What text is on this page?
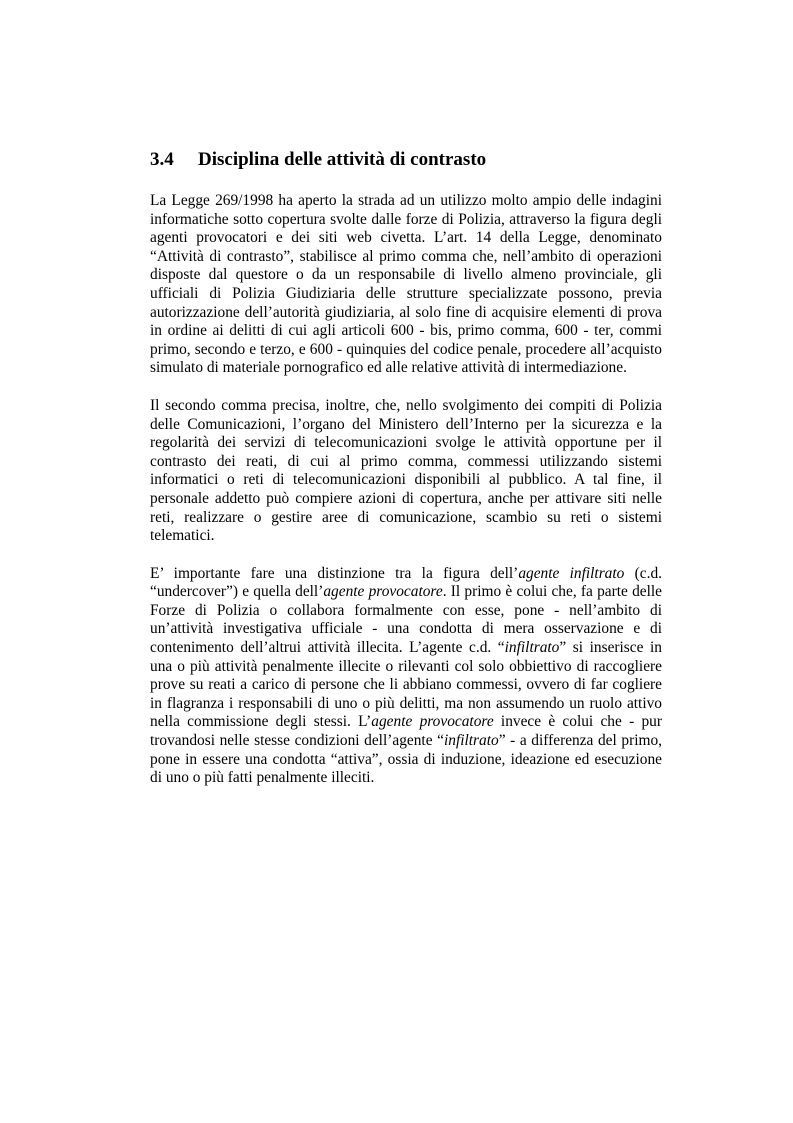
3.4	Disciplina delle attività di contrasto

La Legge 269/1998 ha aperto la strada ad un utilizzo molto ampio delle indagini informatiche sotto copertura svolte dalle forze di Polizia, attraverso la figura degli agenti provocatori e dei siti web civetta. L’art. 14 della Legge, denominato “Attività di contrasto”, stabilisce al primo comma che, nell’ambito di operazioni disposte dal questore o da un responsabile di livello almeno provinciale, gli ufficiali di Polizia Giudiziaria delle strutture specializzate possono, previa autorizzazione dell’autorità giudiziaria, al solo fine di acquisire elementi di prova in ordine ai delitti di cui agli articoli 600 - bis, primo comma, 600 - ter, commi primo, secondo e terzo, e 600 - quinquies del codice penale, procedere all’acquisto simulato di materiale pornografico ed alle relative attività di intermediazione.

Il secondo comma precisa, inoltre, che, nello svolgimento dei compiti di Polizia delle Comunicazioni, l’organo del Ministero dell’Interno per la sicurezza e la regolarità dei servizi di telecomunicazioni svolge le attività opportune per il contrasto dei reati, di cui al primo comma, commessi utilizzando sistemi informatici o reti di telecomunicazioni disponibili al pubblico. A tal fine, il personale addetto può compiere azioni di copertura, anche per attivare siti nelle reti, realizzare o gestire aree di comunicazione, scambio su reti o sistemi telematici.

E’ importante fare una distinzione tra la figura dell’agente infiltrato (c.d. “undercover”) e quella dell’agente provocatore. Il primo è colui che, fa parte delle Forze di Polizia o collabora formalmente con esse, pone - nell’ambito di un’attività investigativa ufficiale - una condotta di mera osservazione e di contenimento dell’altrui attività illecita. L’agente c.d. “infiltrato” si inserisce in una o più attività penalmente illecite o rilevanti col solo obbiettivo di raccogliere prove su reati a carico di persone che li abbiano commessi, ovvero di far cogliere in flagranza i responsabili di uno o più delitti, ma non assumendo un ruolo attivo nella commissione degli stessi. L’agente provocatore invece è colui che - pur trovandosi nelle stesse condizioni dell’agente “infiltrato” - a differenza del primo, pone in essere una condotta “attiva”, ossia di induzione, ideazione ed esecuzione di uno o più fatti penalmente illeciti.
